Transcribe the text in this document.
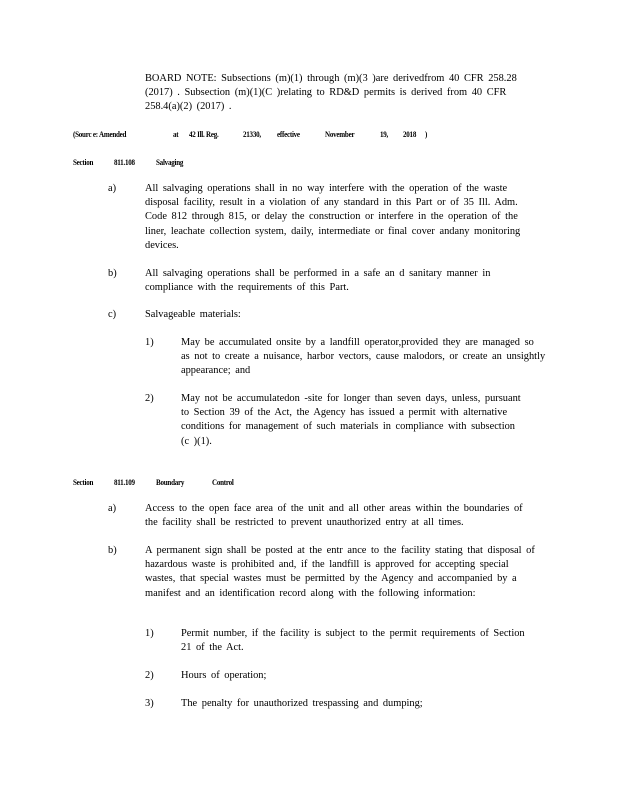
BOARD NOTE: Subsections (m)(1) through (m)(3 )are derivedfrom 40 CFR 258.28 (2017) . Subsection (m)(1)(C )relating to RD&D permits is derived from 40 CFR 258.4(a)(2) (2017) .
(Sourc e: Amended	at 42 Ill. Reg.	21330, effective	November	19, 2018 )
Section 811.108 Salvaging
a)	All salvaging operations shall in no way interfere with the operation of the waste disposal facility, result in a violation of any standard in this Part or of 35 Ill. Adm. Code 812 through 815, or delay the construction or interfere in the operation of the liner, leachate collection system, daily, intermediate or final cover andany monitoring devices.
b)	All salvaging operations shall be performed in a safe an d sanitary manner in compliance with the requirements of this Part.
c)	Salvageable materials:
1)	May be accumulated onsite by a landfill operator,provided they are managed so as not to create a nuisance, harbor vectors, cause malodors, or create an unsightly appearance; and
2)	May not be accumulatedon -site for longer than seven days, unless, pursuant to Section 39 of the Act, the Agency has issued a permit with alternative conditions for management of such materials in compliance with subsection (c )(1).
Section 811.109 Boundary	Control
a)	Access to the open face area of the unit and all other areas within the boundaries of the facility shall be restricted to prevent unauthorized entry at all times.
b)	A permanent sign shall be posted at the entr ance to the facility stating that disposal of hazardous waste is prohibited and, if the landfill is approved for accepting special wastes, that special wastes must be permitted by the Agency and accompanied by a manifest and an identification record along with the following information:
1)	Permit number, if the facility is subject to the permit requirements of Section 21 of the Act.
2)	Hours of operation;
3)	The penalty for unauthorized trespassing and dumping;
